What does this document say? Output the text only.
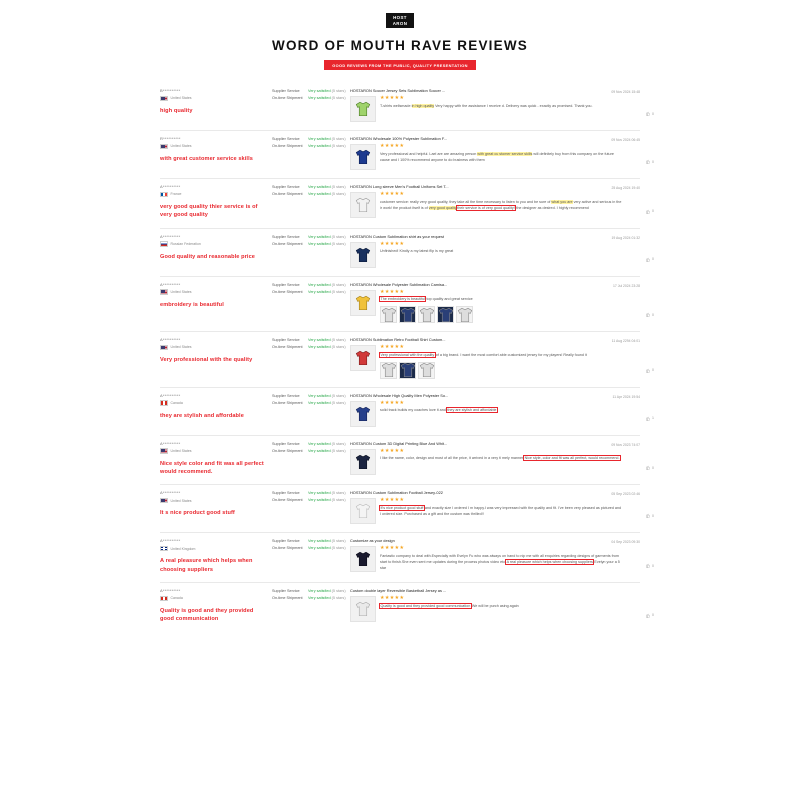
HOST
ARON
WORD OF MOUTH RAVE REVIEWS
GOOD REVIEWS FROM THE PUBLIC, QUALITY PRESENTATION
B**********
United States
high quality
Supplier Service	Very satisfied (5 stars)
On-time Shipment	Very satisfied (5 stars)
09 Nov 2024 15:48
HOSTARON Soccer Jersey Sets Sublimation Soccer ...
★★★★★
T-shirts wellsmade in high quality Very happy with the assistance I receive d. Delivery was quick - exactly as promised. Thank you.
0
R**********
United States
with great customer service skills
Supplier Service	Very satisfied (5 stars)
On-time Shipment	Very satisfied (5 stars)
09 Nov 2024 06:45
HOSTARON Wholesale 100% Polyester Sublimation F...
★★★★★
Very professional and helpful. Lael are are amazing person with great cu stomer service skills will definitely buy from this company on the future cause and I 100% recommend anyone to do business with them
0
A**********
France
very good quality thier service is of very good quality
Supplier Service	Very satisfied (5 stars)
On-time Shipment	Very satisfied (5 stars)
25 Aug 2024 19:40
HOSTARON Long sleeve Men's Football Unifoms Set T...
★★★★★
customer service: really very good quality, they take all the time necessary to listen to you and be sure of what you are very active and serious in the ir work! the product itself is of very good qualitytheir service is of very good quality! the designer as desired. I highly recommend
0
A**********
Russian Federation
Good quality and reasonable price
Supplier Service	Very satisfied (5 stars)
On-time Shipment	Very satisfied (5 stars)
19 Aug 2024 01:32
HOSTARON Custom Sublimation shirt as your request
★★★★★
Unfinished! Kindly a my latest flip is my great
0
A**********
United States
embroidery is beautiful
Supplier Service	Very satisfied (5 stars)
On-time Shipment	Very satisfied (5 stars)
17 Jul 2024 23:28
HOSTARON Wholesale Polyester Sublimation Camisa...
★★★★★
The embroidery is beautiful top quality and great service
0
A**********
United States
Very professional with the quality
Supplier Service	Very satisfied (5 stars)
On-time Shipment	Very satisfied (5 stars)
11 Aug 2294 04:01
HOSTARON Sublimation Retro Football Shirt Custom...
★★★★★
Very professional with the quality of a big brand. I want the most comfort able customized jersey for my players! Really found it
0
A**********
Canada
they are stylish and affordable
Supplier Service	Very satisfied (5 stars)
On-time Shipment	Very satisfied (5 stars)
11 Apr 2024 19:54
HOSTARON Wholesale High Quality Men Polyester So...
★★★★★
solid track builds my coaches love it and they are stylish and affordable
1
A**********
United States
Nice style color and fit was all perfect would recommend.
Supplier Service	Very satisfied (5 stars)
On-time Shipment	Very satisfied (5 stars)
09 Nov 2023 74:07
HOSTARON Custom 3D Digital Printing Blue And Whit...
★★★★★
I like the name, color, design and most of all the price, it arrived in a very ti mely manner.Nice style, color and fit was all perfect, would recommend.
0
A**********
United States
It s nice product good stuff
Supplier Service	Very satisfied (5 stars)
On-time Shipment	Very satisfied (5 stars)
05 Sep 2023 02:46
HOSTARON Custom Sublimation Football Jersey-022
★★★★★
It's nice product good stuff and exactly size I ordered I m happy.I was very impressed with the quality and fit. I've been very pleased as pictured and I ordered size. Purchased as a gift and the custom was thrilled!!
0
A**********
United Kingdom
A real pleasure which helps when choosing suppliers
Supplier Service	Very satisfied (5 stars)
On-time Shipment	Very satisfied (5 stars)
04 Sep 2023 09:30
Customize as your design
★★★★★
Fantastic company to deal with.Especially with Evelyn Fu who was always on hand to nip me with all enquiries regarding designs of garments from start to finish.She even sent me updates during the process photos video etc.A real pleasure which helps when choosing suppliers Evelyn your a 5 star
0
A**********
Canada
Quality is good and they provided good communication
Supplier Service	Very satisfied (5 stars)
On-time Shipment	Very satisfied (5 stars)
Custom double layer Reversible Basketball Jersey as ...
★★★★★
Quality is good and they provided good communication We will be purch asing again
0
